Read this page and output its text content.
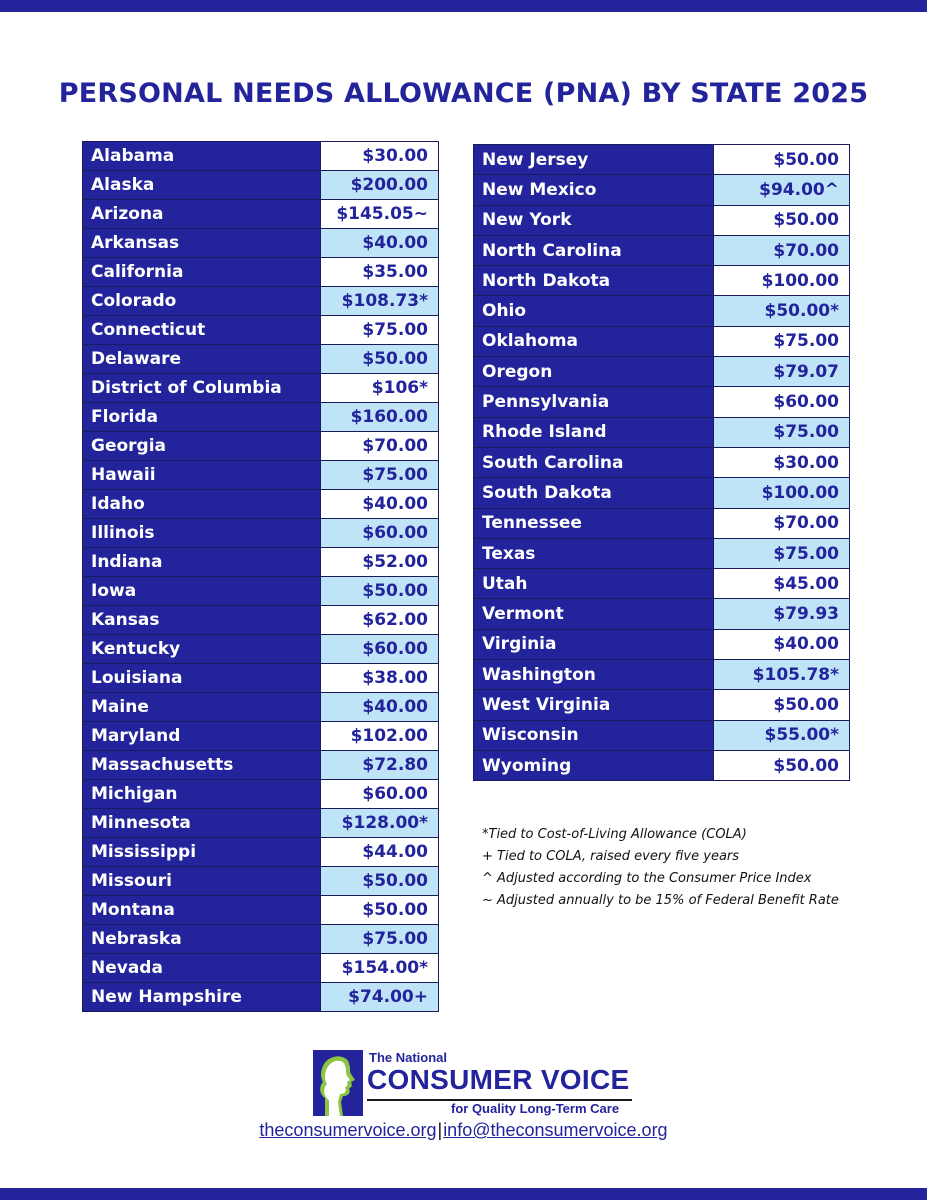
PERSONAL NEEDS ALLOWANCE (PNA) BY STATE 2025
Alabama	$30.00
Alaska	$200.00
Arizona	$145.05~
Arkansas	$40.00
California	$35.00
Colorado	$108.73*
Connecticut	$75.00
Delaware	$50.00
District of Columbia	$106*
Florida	$160.00
Georgia	$70.00
Hawaii	$75.00
Idaho	$40.00
Illinois	$60.00
Indiana	$52.00
Iowa	$50.00
Kansas	$62.00
Kentucky	$60.00
Louisiana	$38.00
Maine	$40.00
Maryland	$102.00
Massachusetts	$72.80
Michigan	$60.00
Minnesota	$128.00*
Mississippi	$44.00
Missouri	$50.00
Montana	$50.00
Nebraska	$75.00
Nevada	$154.00*
New Hampshire	$74.00+
New Jersey	$50.00
New Mexico	$94.00^
New York	$50.00
North Carolina	$70.00
North Dakota	$100.00
Ohio	$50.00*
Oklahoma	$75.00
Oregon	$79.07
Pennsylvania	$60.00
Rhode Island	$75.00
South Carolina	$30.00
South Dakota	$100.00
Tennessee	$70.00
Texas	$75.00
Utah	$45.00
Vermont	$79.93
Virginia	$40.00
Washington	$105.78*
West Virginia	$50.00
Wisconsin	$55.00*
Wyoming	$50.00
*Tied to Cost-of-Living Allowance (COLA)
+ Tied to COLA, raised every five years
^ Adjusted according to the Consumer Price Index
~ Adjusted annually to be 15% of Federal Benefit Rate
The National
CONSUMER VOICE
for Quality Long-Term Care
theconsumervoice.org|info@theconsumervoice.org
